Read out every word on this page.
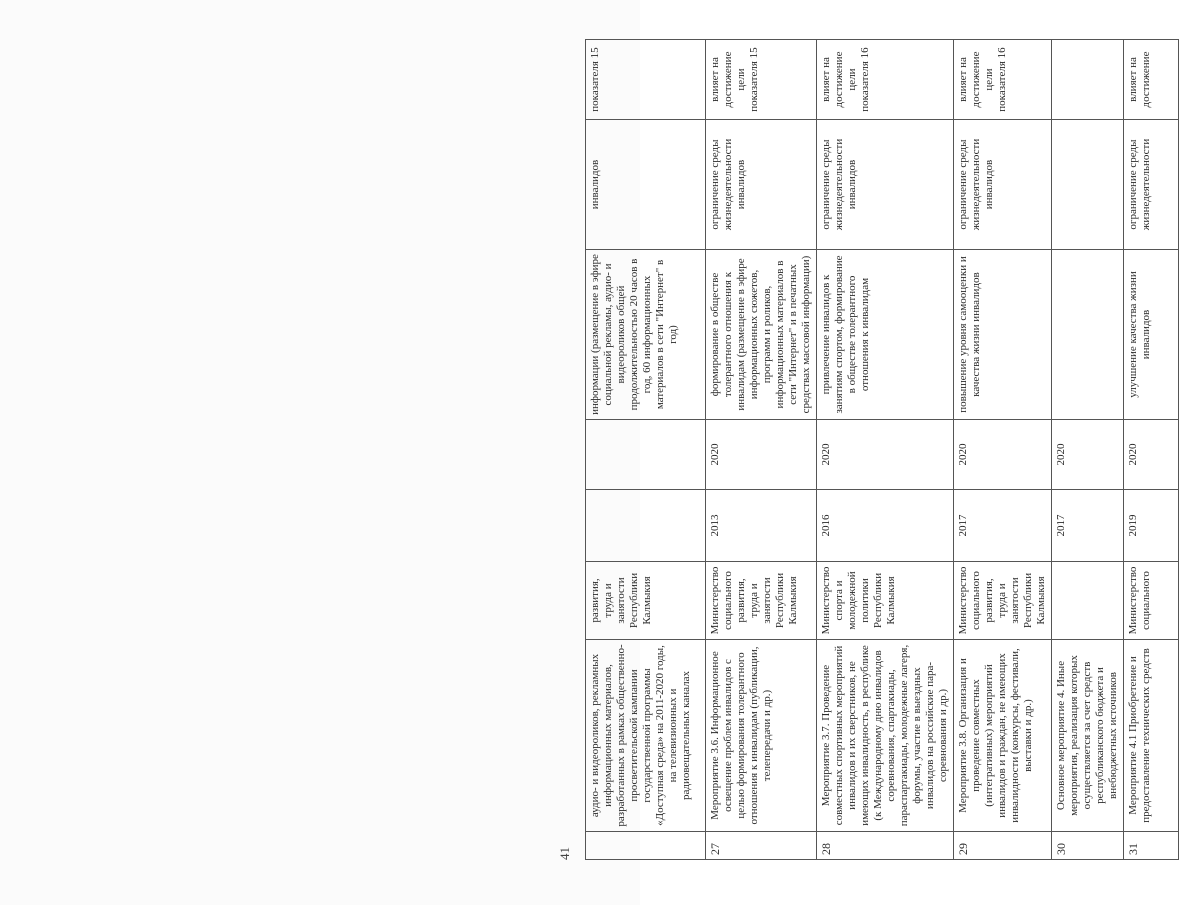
41
	аудио- и видеороликов, рекламных информационных материалов, разработанных в рамках общественно-просветительской кампании государственной программы «Доступная среда» на 2011-2020 годы, на телевизионных и радиовещательных каналах	развития, труда и занятости Республики Калмыкия			информации (размещение в эфире социальной рекламы, аудио- и видеороликов общей продолжительностью 20 часов в год, 60 информационных материалов в сети "Интернет" в год)	инвалидов	показателя 15
27	Мероприятие 3.6. Информационное освещение проблем инвалидов с целью формирования толерантного отношения к инвалидам (публикации, телепередачи и др.)	Министерство социального развития, труда и занятости Республики Калмыкия	2013	2020	формирование в обществе толерантного отношения к инвалидам (размещение в эфире информационных сюжетов, программ и роликов, информационных материалов в сети "Интернет" и в печатных средствах массовой информации)	ограничение среды жизнедеятельности инвалидов	влияет на достижение цели показателя 15
28	Мероприятие 3.7. Проведение совместных спортивных мероприятий инвалидов и их сверстников, не имеющих инвалидность, в республике (к Международному дню инвалидов соревнования, спартакиады, параспартакиады, молодежные лагеря, форумы, участие в выездных инвалидов на российские пара-соревнования и др.)	Министерство спорта и молодежной политики Республики Калмыкия	2016	2020	привлечение инвалидов к занятиям спортом, формирование в обществе толерантного отношения к инвалидам	ограничение среды жизнедеятельности инвалидов	влияет на достижение цели показателя 16
29	Мероприятие 3.8. Организация и проведение совместных (интегративных) мероприятий инвалидов и граждан, не имеющих инвалидности (конкурсы, фестивали, выставки и др.)	Министерство социального развития, труда и занятости Республики Калмыкия	2017	2020	повышение уровня самооценки и качества жизни инвалидов	ограничение среды жизнедеятельности инвалидов	влияет на достижение цели показателя 16
30	Основное мероприятие 4. Иные мероприятия, реализация которых осуществляется за счет средств республиканского бюджета и внебюджетных источников		2017	2020			
31	Мероприятие 4.1 Приобретение и предоставление технических средств	Министерство социального	2019	2020	улучшение качества жизни инвалидов	ограничение среды жизнедеятельности	влияет на достижение
